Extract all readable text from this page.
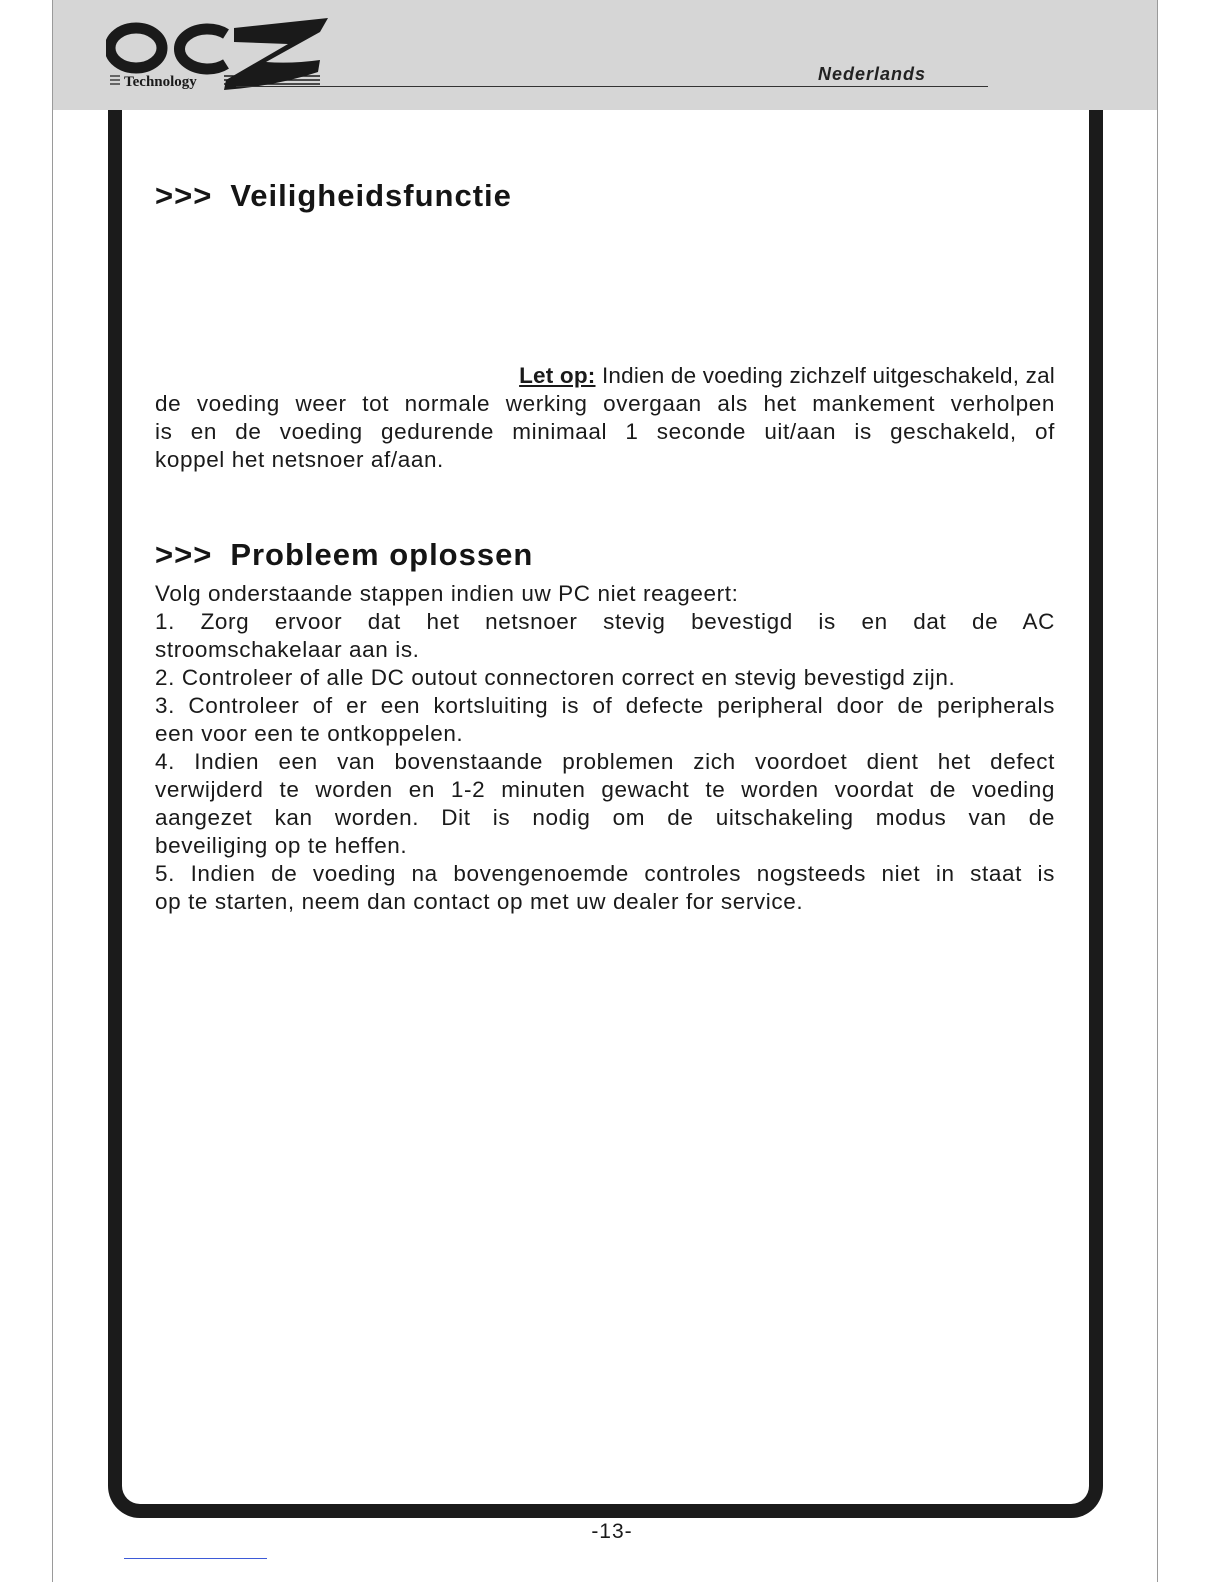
Technology	Nederlands
>>> Veiligheidsfunctie
Let op: Indien de voeding zichzelf uitgeschakeld, zal
de voeding weer tot normale werking overgaan als het mankement verholpen
is en de voeding gedurende minimaal 1 seconde uit/aan is geschakeld, of
koppel het netsnoer af/aan.
>>> Probleem oplossen
Volg onderstaande stappen indien uw PC niet reageert:
1. Zorg ervoor dat het netsnoer stevig bevestigd is en dat de AC
stroomschakelaar aan is.
2. Controleer of alle DC outout connectoren correct en stevig bevestigd zijn.
3. Controleer of er een kortsluiting is of defecte peripheral door de peripherals
een voor een te ontkoppelen.
4. Indien een van bovenstaande problemen zich voordoet dient het defect
verwijderd te worden en 1-2 minuten gewacht te worden voordat de voeding
aangezet kan worden. Dit is nodig om de uitschakeling modus van de
beveiliging op te heffen.
5. Indien de voeding na bovengenoemde controles nogsteeds niet in staat is
op te starten, neem dan contact op met uw dealer for service.
-13-
